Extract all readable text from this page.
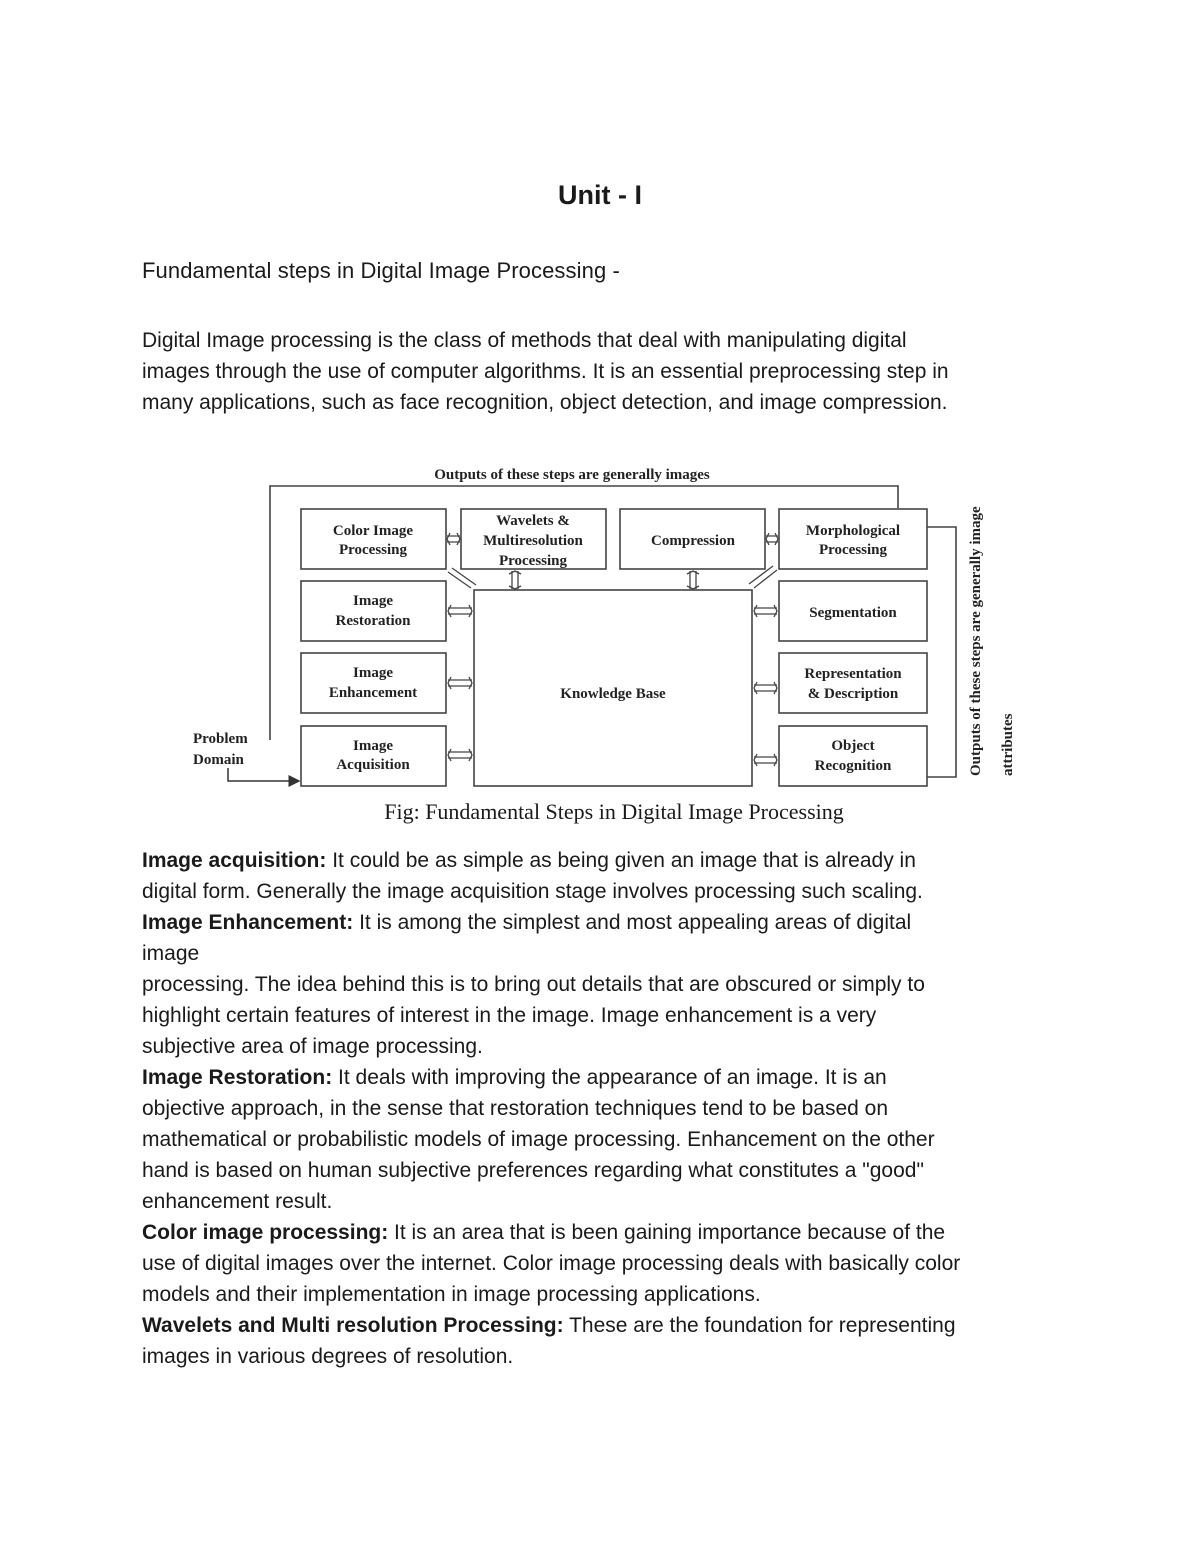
Unit - I
Fundamental steps in Digital Image Processing -

Digital Image processing is the class of methods that deal with manipulating digital
images through the use of computer algorithms. It is an essential preprocessing step in
many applications, such as face recognition, object detection, and image compression.

Outputs of these steps are generally images
Color Image
Processing
Image
Restoration
Image
Enhancement
Image
Acquisition
Wavelets &
Multiresolution
Processing
Compression
Morphological
Processing
Segmentation
Representation
& Description
Object
Recognition
Knowledge Base
Problem
Domain	Outputs of these steps are generally image attributes

Fig: Fundamental Steps in Digital Image Processing

Image acquisition: It could be as simple as being given an image that is already in
digital form. Generally the image acquisition stage involves processing such scaling.
Image Enhancement: It is among the simplest and most appealing areas of digital
image
processing. The idea behind this is to bring out details that are obscured or simply to
highlight certain features of interest in the image. Image enhancement is a very
subjective area of image processing.
Image Restoration: It deals with improving the appearance of an image. It is an
objective approach, in the sense that restoration techniques tend to be based on
mathematical or probabilistic models of image processing. Enhancement on the other
hand is based on human subjective preferences regarding what constitutes a "good"
enhancement result.
Color image processing: It is an area that is been gaining importance because of the
use of digital images over the internet. Color image processing deals with basically color
models and their implementation in image processing applications.
Wavelets and Multi resolution Processing: These are the foundation for representing
images in various degrees of resolution.
